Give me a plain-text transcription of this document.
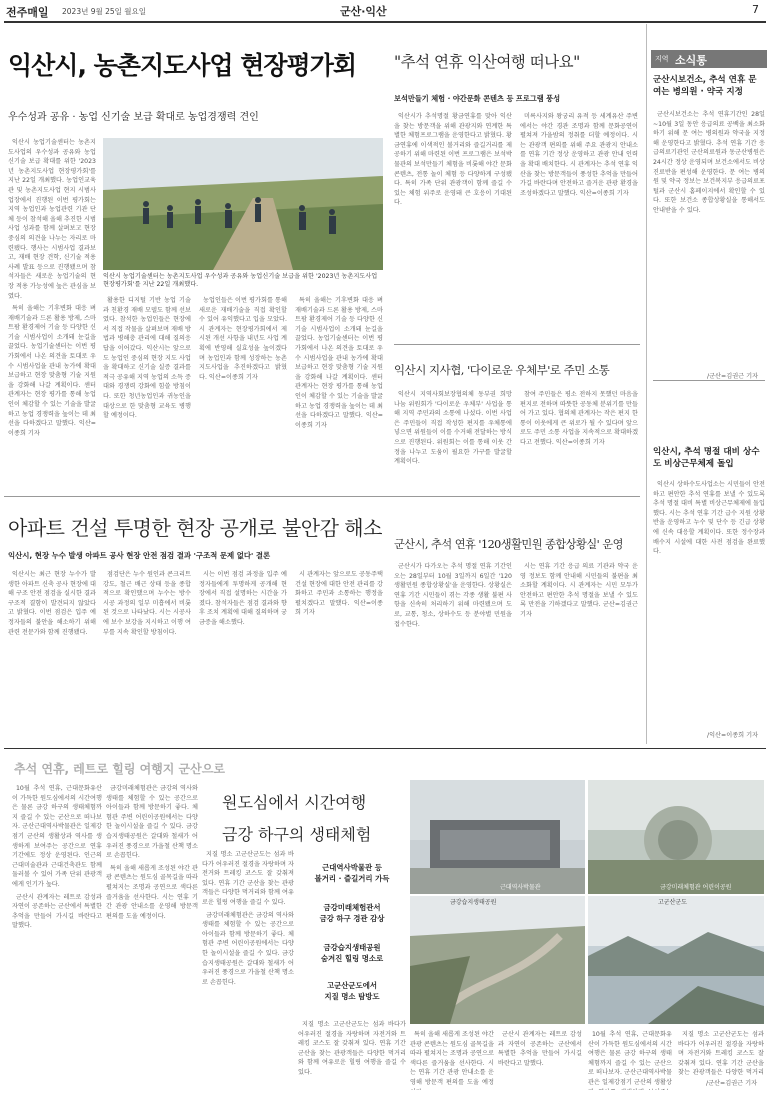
전주매일 2023년 9월 25일 월요일	군산·익산	7
익산시, 농촌지도사업 현장평가회
우수성과 공유 · 농업 신기술 보급 확대로 농업경쟁력 견인

익산시 농업기술센터는 농촌지도사업의 우수성과 공유와 농업신기술 보급 확대를 위한 '2023년 농촌지도사업 현장평가회'를 지난 22일 개최했다. 농업인교육관 및 농촌지도사업 현지 시범사업장에서 진행된 이번 평가회는 지역 농업인과 농업관련 기관 단체 등이 참석해 올해 추진한 시범사업 성과를 함께 살펴보고 현장 중심의 의견을 나누는 자리로 마련됐다. 행사는 시범사업 결과보고, 재배 현장 견학, 신기술 적용 사례 발표 등으로 진행됐으며 참석자들은 새로운 농업기술의 현장 적용 가능성에 높은 관심을 보였다.

특히 올해는 기후변화 대응 벼 재배기술과 드론 활용 방제, 스마트팜 환경제어 기술 등 다양한 신기술 시범사업이 소개돼 눈길을 끌었다. 농업기술센터는 이번 평가회에서 나온 의견을 토대로 우수 시범사업을 관내 농가에 확대 보급하고 현장 맞춤형 기술 지원을 강화해 나갈 계획이다. 센터 관계자는 현장 평가를 통해 농업인이 체감할 수 있는 기술을 발굴하고 농업 경쟁력을 높이는 데 최선을 다하겠다고 말했다. 익산=이종희 기자

익산시 농업기술센터는 농촌지도사업 우수성과 공유와 농업신기술 보급을 위한 '2023년 농촌지도사업 현장평가회'를 지난 22일 개최했다.

활용한 디지털 기반 농업 기술과 친환경 재배 모델도 함께 선보였다. 참석한 농업인들은 현장에서 직접 작물을 살펴보며 재배 방법과 병해충 관리에 대해 질의응답을 이어갔다. 익산시는 앞으로도 농업인 중심의 현장 지도 사업을 확대하고 신기술 실증 결과를 적극 공유해 지역 농업의 소득 증대와 경쟁력 강화에 힘쓸 방침이다. 또한 청년농업인과 귀농인을 대상으로 한 맞춤형 교육도 병행할 예정이다.

농업인들은 이번 평가회를 통해 새로운 재배기술을 직접 확인할 수 있어 유익했다고 입을 모았다. 시 관계자는 현장평가회에서 제시된 개선 사항을 내년도 사업 계획에 반영해 실효성을 높이겠다며 농업인과 함께 성장하는 농촌지도사업을 추진하겠다고 밝혔다. 익산=이종희 기자

특히 올해는 기후변화 대응 벼 재배기술과 드론 활용 방제, 스마트팜 환경제어 기술 등 다양한 신기술 시범사업이 소개돼 눈길을 끌었다. 농업기술센터는 이번 평가회에서 나온 의견을 토대로 우수 시범사업을 관내 농가에 확대 보급하고 현장 맞춤형 기술 지원을 강화해 나갈 계획이다. 센터 관계자는 현장 평가를 통해 농업인이 체감할 수 있는 기술을 발굴하고 농업 경쟁력을 높이는 데 최선을 다하겠다고 말했다. 익산=이종희 기자

"추석 연휴 익산여행 떠나요"
보석만들기 체험 · 야간문화 콘텐츠 등 프로그램 풍성

익산시가 추석명절 황금연휴를 맞아 익산을 찾는 방문객을 위해 관광지와 연계한 특별한 체험프로그램을 운영한다고 밝혔다. 황금연휴에 이색적인 볼거리와 즐길거리를 제공하기 위해 마련된 이번 프로그램은 보석박물관의 보석만들기 체험을 비롯해 야간 문화 콘텐츠, 전통 놀이 체험 등 다양하게 구성됐다. 특히 가족 단위 관광객이 함께 즐길 수 있는 체험 위주로 운영돼 큰 호응이 기대된다.

미륵사지와 왕궁리 유적 등 세계유산 주변에서는 야간 경관 조명과 함께 문화공연이 펼쳐져 가을밤의 정취를 더할 예정이다. 시는 관광객 편의를 위해 주요 관광지 안내소를 연휴 기간 정상 운영하고 관광 안내 인력을 확대 배치한다. 시 관계자는 추석 연휴 익산을 찾는 방문객들이 풍성한 추억을 만들어 가길 바란다며 안전하고 즐거운 관광 환경을 조성하겠다고 말했다. 익산=이종희 기자

익산시 지사협, '다이로운 우체부'로 주민 소통

익산시 지역사회보장협의체 동부권 희망 나눔 위원회가 '다이로운 우체부' 사업을 통해 지역 주민과의 소통에 나섰다. 이번 사업은 주민들이 직접 작성한 편지를 우체통에 넣으면 위원들이 이를 수거해 전달하는 방식으로 진행된다. 위원회는 이를 통해 이웃 간 정을 나누고 도움이 필요한 가구를 발굴할 계획이다.

참여 주민들은 평소 전하지 못했던 마음을 편지로 전하며 따뜻한 공동체 분위기를 만들어 가고 있다. 협의체 관계자는 작은 편지 한 통이 이웃에게 큰 위로가 될 수 있다며 앞으로도 주민 소통 사업을 지속적으로 확대하겠다고 전했다. 익산=이종희 기자

지역 소식통
군산시보건소, 추석 연휴 문 여는 병의원 · 약국 지정

군산시보건소는 추석 연휴기간인 28일~10월 3일 동안 응급의료 공백을 최소화하기 위해 문 여는 병의원과 약국을 지정해 운영한다고 밝혔다. 추석 연휴 기간 응급의료기관인 군산의료원과 동군산병원은 24시간 정상 운영되며 보건소에서도 비상 진료반을 편성해 운영한다. 문 여는 병의원 및 약국 정보는 보건복지부 응급의료포털과 군산시 홈페이지에서 확인할 수 있다. 또한 보건소 종합상황실을 통해서도 안내받을 수 있다.

/군산=김권근 기자
익산시, 추석 명절 대비 상수도 비상근무체제 돌입

익산시 상하수도사업소는 시민들이 안전하고 편안한 추석 연휴를 보낼 수 있도록 추석 명절 대비 특별 비상근무체제에 돌입했다. 시는 추석 연휴 기간 급수 지원 상황반을 운영하고 누수 및 단수 등 긴급 상황에 신속 대응할 계획이다. 또한 정수장과 배수지 시설에 대한 사전 점검을 완료했다.

/익산=이종희 기자
아파트 건설 투명한 현장 공개로 불안감 해소
익산시, 현장 누수 발생 아파트 공사 현장 안전 점검 결과 '구조적 문제 없다' 결론

익산시는 최근 현장 누수가 발생한 아파트 신축 공사 현장에 대해 구조 안전 점검을 실시한 결과 구조적 결함이 발견되지 않았다고 밝혔다. 이번 점검은 입주 예정자들의 불안을 해소하기 위해 관련 전문가와 함께 진행됐다.

점검단은 누수 원인과 콘크리트 강도, 철근 배근 상태 등을 종합적으로 확인했으며 누수는 방수 시공 과정의 일부 미흡에서 비롯된 것으로 나타났다. 시는 시공사에 보수 보강을 지시하고 이행 여부를 지속 확인할 방침이다.

시는 이번 점검 과정을 입주 예정자들에게 투명하게 공개해 현장에서 직접 설명하는 시간을 가졌다. 참석자들은 점검 결과와 향후 조치 계획에 대해 질의하며 궁금증을 해소했다.

시 관계자는 앞으로도 공동주택 건설 현장에 대한 안전 관리를 강화하고 주민과 소통하는 행정을 펼치겠다고 말했다. 익산=이종희 기자

군산시, 추석 연휴 '120생활민원 종합상황실' 운영

군산시가 다가오는 추석 명절 연휴 기간인 오는 28일부터 10월 3일까지 6일간 '120생활민원 종합상황실'을 운영한다. 상황실은 연휴 기간 시민들이 겪는 각종 생활 불편 사항을 신속히 처리하기 위해 마련됐으며 도로, 교통, 청소, 상하수도 등 분야별 민원을 접수한다.

시는 연휴 기간 응급 의료 기관과 약국 운영 정보도 함께 안내해 시민들의 불편을 최소화할 계획이다. 시 관계자는 시민 모두가 안전하고 편안한 추석 명절을 보낼 수 있도록 만전을 기하겠다고 말했다. 군산=김권근 기자

추석 연휴, 레트로 힐링 여행지 군산으로

10월 추석 연휴, 근대문화유산이 가득한 원도심에서의 시간여행은 물론 금강 하구의 생태체험까지 즐길 수 있는 군산으로 떠나보자. 군산근대역사박물관은 일제강점기 군산의 생활상과 역사를 생생하게 보여주는 공간으로 연휴 기간에도 정상 운영된다. 인근의 근대미술관과 근대건축관도 함께 둘러볼 수 있어 가족 단위 관광객에게 인기가 높다.

군산시 관계자는 레트로 감성과 자연이 공존하는 군산에서 특별한 추억을 만들어 가시길 바란다고 말했다.

금강미래체험관은 금강의 역사와 생태를 체험할 수 있는 공간으로 아이들과 함께 방문하기 좋다. 체험관 주변 어린이공원에서는 다양한 놀이시설을 즐길 수 있다. 금강습지생태공원은 갈대와 철새가 어우러진 풍경으로 가을철 산책 명소로 손꼽힌다.

특히 올해 새롭게 조성된 야간 관광 콘텐츠는 원도심 골목길을 따라 펼쳐지는 조명과 공연으로 색다른 즐거움을 선사한다. 시는 연휴 기간 관광 안내소를 운영해 방문객 편의를 도울 예정이다.

지질 명소 고군산군도는 섬과 바다가 어우러진 절경을 자랑하며 자전거와 트레킹 코스도 잘 갖춰져 있다. 연휴 기간 군산을 찾는 관광객들은 다양한 먹거리와 함께 여유로운 힐링 여행을 즐길 수 있다.

금강미래체험관은 금강의 역사와 생태를 체험할 수 있는 공간으로 아이들과 함께 방문하기 좋다. 체험관 주변 어린이공원에서는 다양한 놀이시설을 즐길 수 있다. 금강습지생태공원은 갈대와 철새가 어우러진 풍경으로 가을철 산책 명소로 손꼽힌다.

원도심에서 시간여행
금강 하구의 생태체험
근대역사박물관 등
볼거리 · 즐길거리 가득
금강미래체험관서
금강 하구 경관 감상
금강습지생태공원
숨겨진 힐링 명소로
고군산군도에서
지질 명소 탐방도

지질 명소 고군산군도는 섬과 바다가 어우러진 절경을 자랑하며 자전거와 트레킹 코스도 잘 갖춰져 있다. 연휴 기간 군산을 찾는 관광객들은 다양한 먹거리와 함께 여유로운 힐링 여행을 즐길 수 있다.

근대역사박물관	금강미래체험관 어린이공원
금강습지생태공원	고군산군도

특히 올해 새롭게 조성된 야간 관광 콘텐츠는 원도심 골목길을 따라 펼쳐지는 조명과 공연으로 색다른 즐거움을 선사한다. 시는 연휴 기간 관광 안내소를 운영해 방문객 편의를 도울 예정

군산시 관계자는 레트로 감성과 자연이 공존하는 군산에서 특별한 추억을 만들어 가시길 바란다고 말했다.

10월 추석 연휴, 근대문화유산이 가득한 원도심에서의 시간여행은 물론 금강 하구의 생태체험까지 즐길 수 있는 군산으로 떠나보자. 군산근대역사박물관은 일제강점기 군산의 생활상

지질 명소 고군산군도는 섬과 바다가 어우러진 절경을 자랑하며 자전거와 트레킹 코스도 잘 갖춰져 있다. 연휴 기간 군산을 찾는 관광객들은 다양한 먹거리

/군산=김권근 기자
